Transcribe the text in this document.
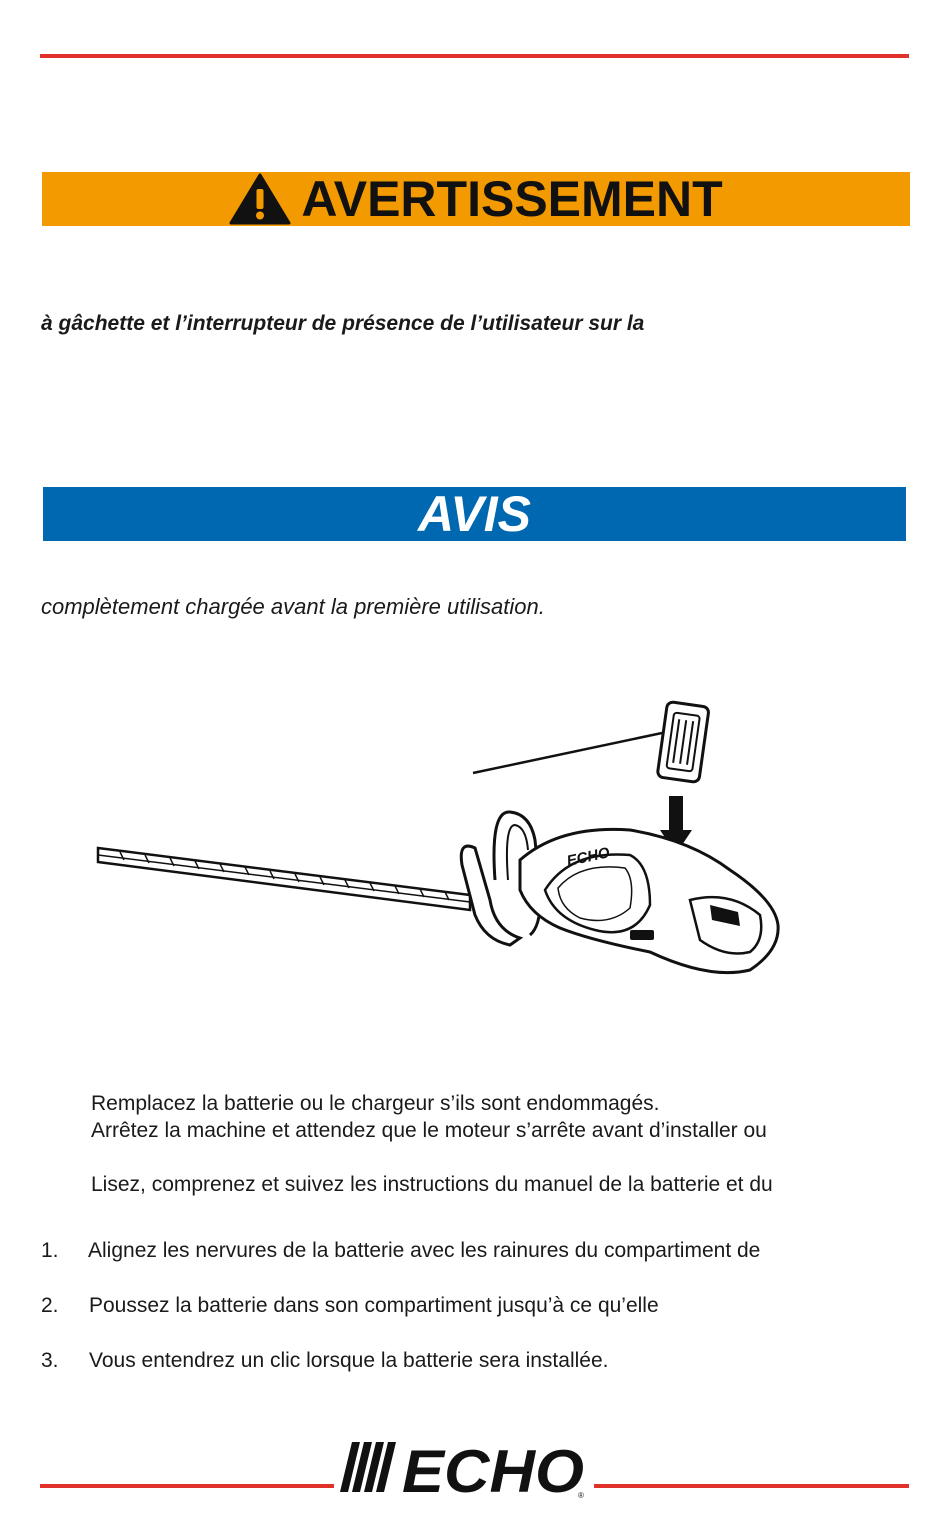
AVERTISSEMENT
à gâchette et l’interrupteur de présence de l’utilisateur sur la
AVIS
complètement chargée avant la première utilisation.
ECHO
Remplacez la batterie ou le chargeur s’ils sont endommagés.
Arrêtez la machine et attendez que le moteur s’arrête avant d’installer ou
Lisez, comprenez et suivez les instructions du manuel de la batterie et du
1. Alignez les nervures de la batterie avec les rainures du compartiment de
2. Poussez la batterie dans son compartiment jusqu’à ce qu’elle
3. Vous entendrez un clic lorsque la batterie sera installée.
ECHO
®
